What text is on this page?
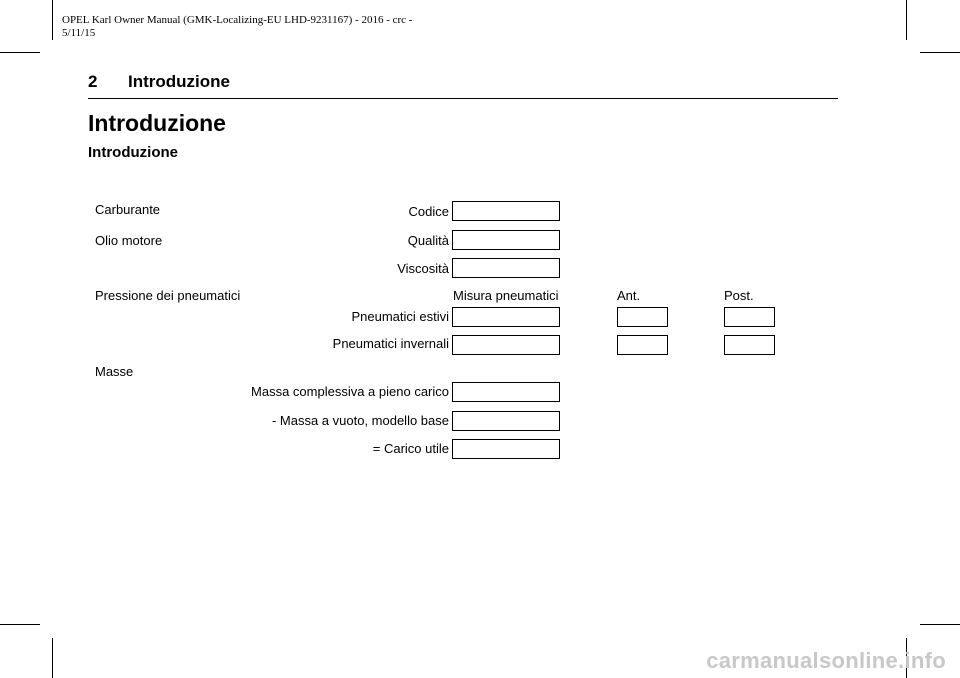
OPEL Karl Owner Manual (GMK-Localizing-EU LHD-9231167) - 2016 - crc -
5/11/15
2 Introduzione
Introduzione
Introduzione
Carburante	Codice
Olio motore	Qualità
Viscosità
Pressione dei pneumatici	Misura pneumatici	Ant.	Post.
Pneumatici estivi
Pneumatici invernali
Masse
Massa complessiva a pieno carico
- Massa a vuoto, modello base
= Carico utile
carmanualsonline.info
